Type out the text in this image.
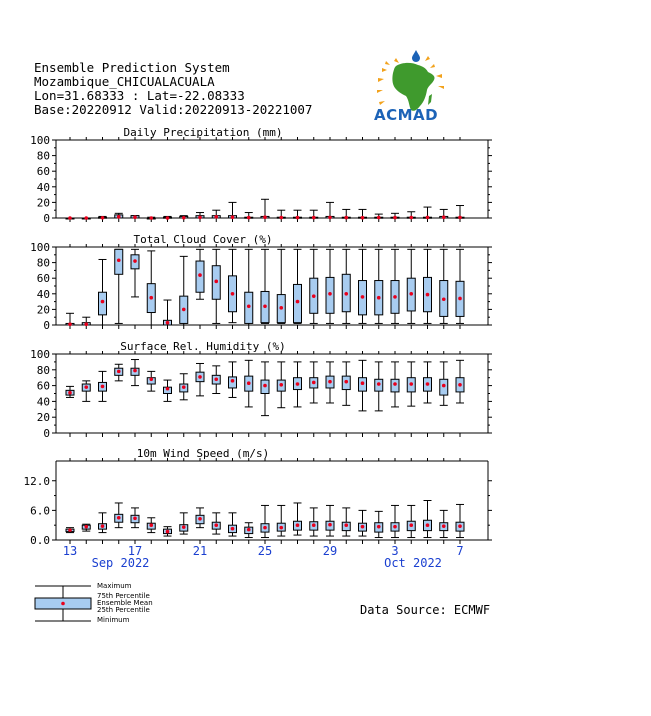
0
20
40
60
80
100
Daily Precipitation (mm)
0
20
40
60
80
100
Total Cloud Cover (%)
0
20
40
60
80
100
Surface Rel. Humidity (%)
0.0
6.0
12.0
10m Wind Speed (m/s)
13	17	21	25	29	3	7
Sep 2022	Oct 2022
Ensemble Prediction System
Mozambique_CHICUALACUALA
Lon=31.68333 : Lat=-22.08333
Base:20220912 Valid:20220913-20221007	ACMAD
Data Source: ECMWF
Maximum
75th Percentile
Ensemble Mean
25th Percentile
Minimum
